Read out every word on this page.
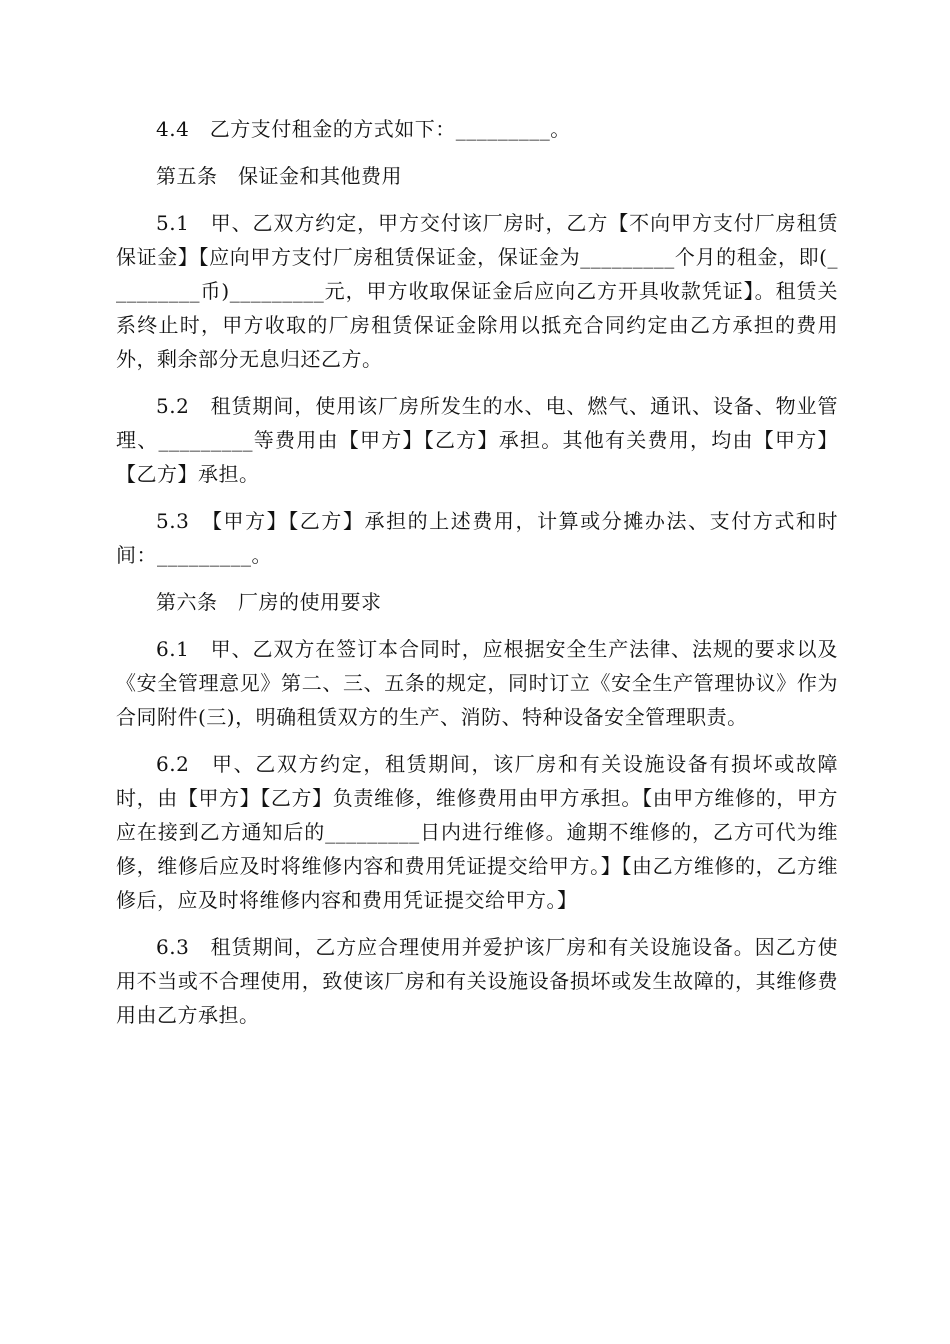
4.4　乙方支付租金的方式如下：_________。

第五条　保证金和其他费用

5.1　甲、乙双方约定，甲方交付该厂房时，乙方【不向甲方支付厂房租赁保证金】【应向甲方支付厂房租赁保证金，保证金为_________个月的租金，即(_________币)_________元，甲方收取保证金后应向乙方开具收款凭证】。租赁关系终止时，甲方收取的厂房租赁保证金除用以抵充合同约定由乙方承担的费用外，剩余部分无息归还乙方。

5.2　租赁期间，使用该厂房所发生的水、电、燃气、通讯、设备、物业管理、_________等费用由【甲方】【乙方】承担。其他有关费用，均由【甲方】【乙方】承担。

5.3　【甲方】【乙方】承担的上述费用，计算或分摊办法、支付方式和时间：_________。

第六条　厂房的使用要求

6.1　甲、乙双方在签订本合同时，应根据安全生产法律、法规的要求以及《安全管理意见》第二、三、五条的规定，同时订立《安全生产管理协议》作为合同附件(三)，明确租赁双方的生产、消防、特种设备安全管理职责。

6.2　甲、乙双方约定，租赁期间，该厂房和有关设施设备有损坏或故障时，由【甲方】【乙方】负责维修，维修费用由甲方承担。【由甲方维修的，甲方应在接到乙方通知后的_________日内进行维修。逾期不维修的，乙方可代为维修，维修后应及时将维修内容和费用凭证提交给甲方。】【由乙方维修的，乙方维修后，应及时将维修内容和费用凭证提交给甲方。】

6.3　租赁期间，乙方应合理使用并爱护该厂房和有关设施设备。因乙方使用不当或不合理使用，致使该厂房和有关设施设备损坏或发生故障的，其维修费用由乙方承担。
